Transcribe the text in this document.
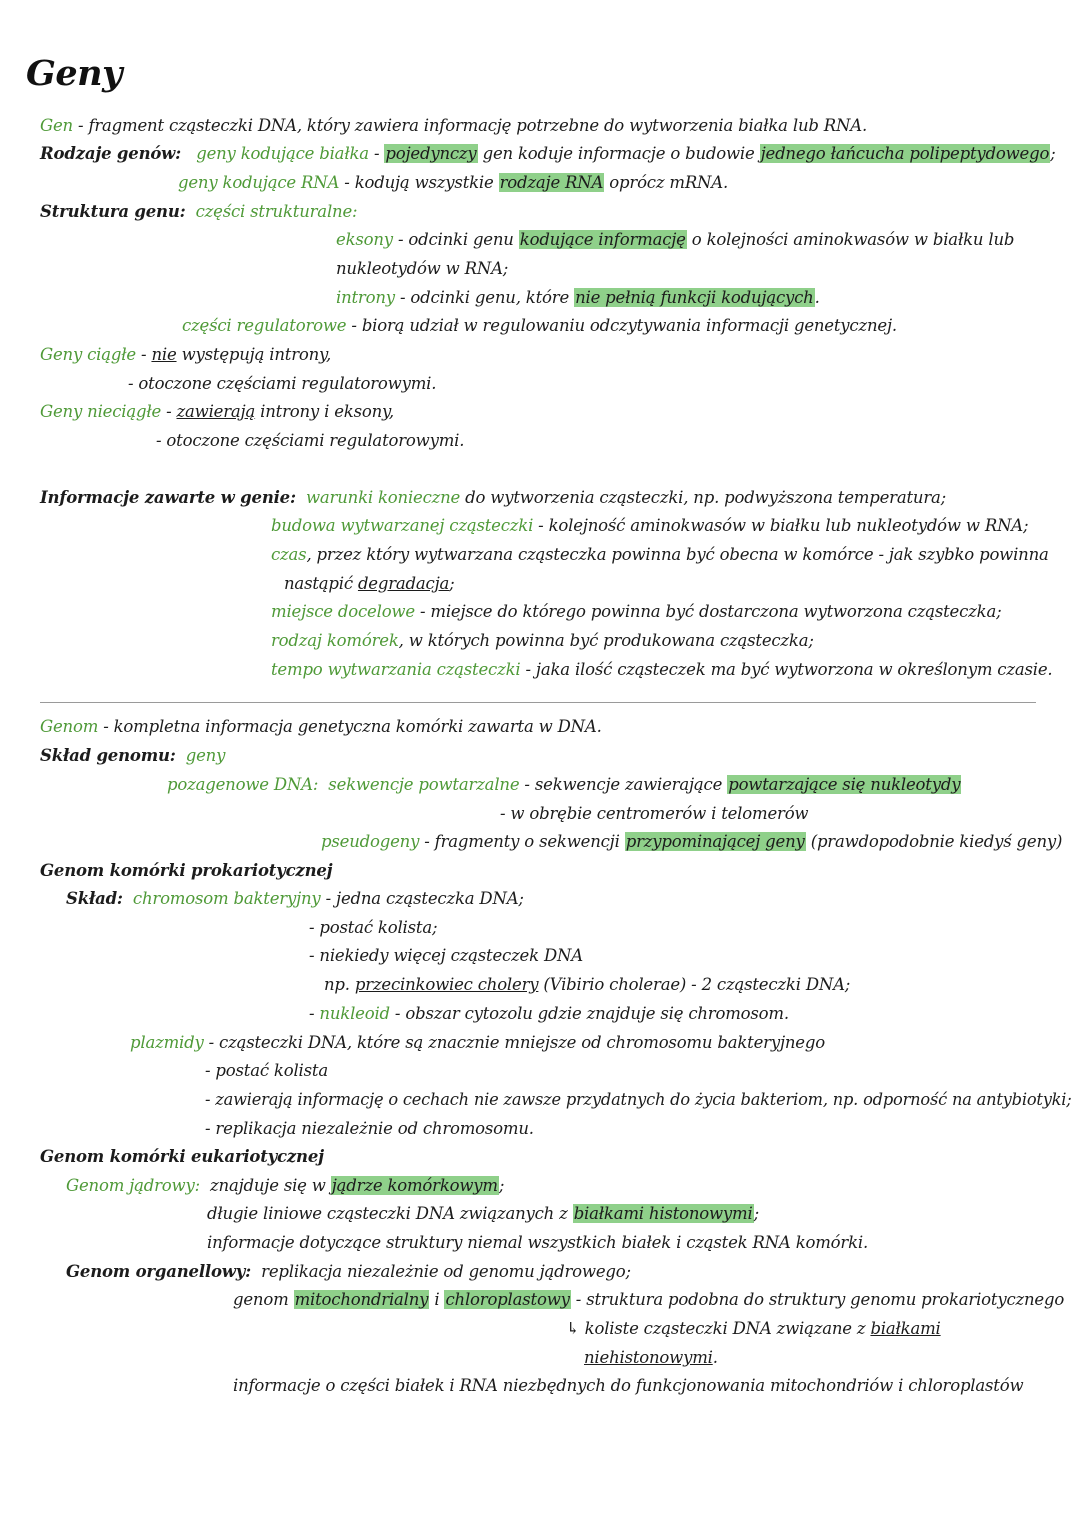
Geny
Gen - fragment cząsteczki DNA, który zawiera informację potrzebne do wytworzenia białka lub RNA.
Rodzaje genów: geny kodujące białka - pojedynczy gen koduje informacje o budowie jednego łańcucha polipeptydowego;
geny kodujące RNA - kodują wszystkie rodzaje RNA oprócz mRNA.
Struktura genu: części strukturalne:
eksony - odcinki genu kodujące informację o kolejności aminokwasów w białku lub
nukleotydów w RNA;
introny - odcinki genu, które nie pełnią funkcji kodujących.
części regulatorowe - biorą udział w regulowaniu odczytywania informacji genetycznej.
Geny ciągłe - nie występują introny,
- otoczone częściami regulatorowymi.
Geny nieciągłe - zawierają introny i eksony,
- otoczone częściami regulatorowymi.
Informacje zawarte w genie: warunki konieczne do wytworzenia cząsteczki, np. podwyższona temperatura;
budowa wytwarzanej cząsteczki - kolejność aminokwasów w białku lub nukleotydów w RNA;
czas, przez który wytwarzana cząsteczka powinna być obecna w komórce - jak szybko powinna
nastąpić degradacja;
miejsce docelowe - miejsce do którego powinna być dostarczona wytworzona cząsteczka;
rodzaj komórek, w których powinna być produkowana cząsteczka;
tempo wytwarzania cząsteczki - jaka ilość cząsteczek ma być wytworzona w określonym czasie.
Genom - kompletna informacja genetyczna komórki zawarta w DNA.
Skład genomu: geny
pozagenowe DNA: sekwencje powtarzalne - sekwencje zawierające powtarzające się nukleotydy
- w obrębie centromerów i telomerów
pseudogeny - fragmenty o sekwencji przypominającej geny (prawdopodobnie kiedyś geny)
Genom komórki prokariotycznej
Skład: chromosom bakteryjny - jedna cząsteczka DNA;
- postać kolista;
- niekiedy więcej cząsteczek DNA
np. przecinkowiec cholery (Vibirio cholerae) - 2 cząsteczki DNA;
- nukleoid - obszar cytozolu gdzie znajduje się chromosom.
plazmidy - cząsteczki DNA, które są znacznie mniejsze od chromosomu bakteryjnego
- postać kolista
- zawierają informację o cechach nie zawsze przydatnych do życia bakteriom, np. odporność na antybiotyki;
- replikacja niezależnie od chromosomu.
Genom komórki eukariotycznej
Genom jądrowy: znajduje się w jądrze komórkowym;
długie liniowe cząsteczki DNA związanych z białkami histonowymi;
informacje dotyczące struktury niemal wszystkich białek i cząstek RNA komórki.
Genom organellowy: replikacja niezależnie od genomu jądrowego;
genom mitochondrialny i chloroplastowy - struktura podobna do struktury genomu prokariotycznego
↳ koliste cząsteczki DNA związane z białkami
niehistonowymi.
informacje o części białek i RNA niezbędnych do funkcjonowania mitochondriów i chloroplastów
